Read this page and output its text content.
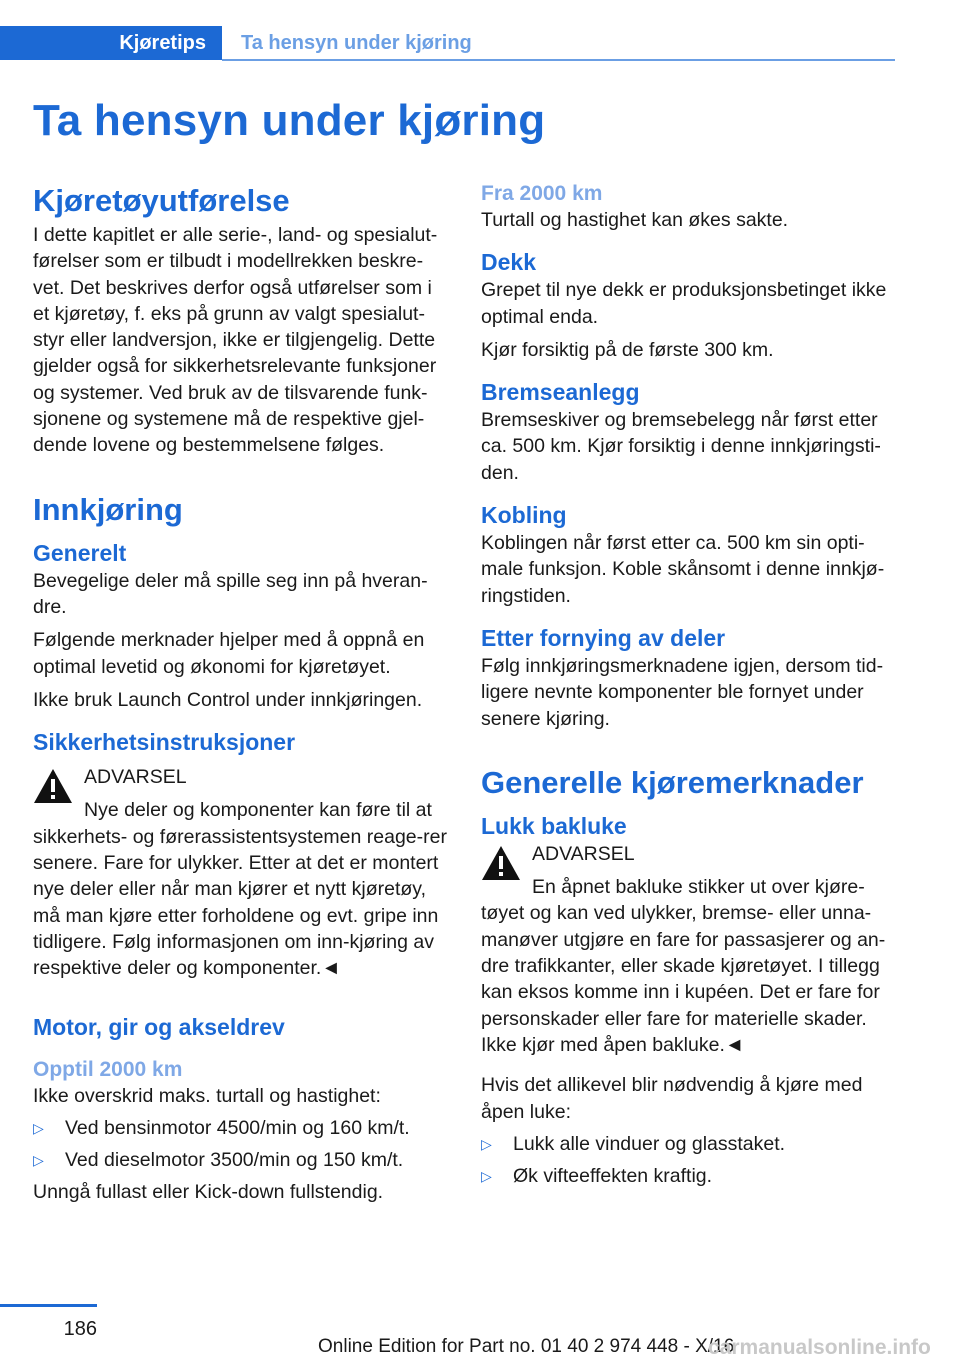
Kjøretips	Ta hensyn under kjøring
Ta hensyn under kjøring
Kjøretøyutførelse

I dette kapitlet er alle serie-, land- og spesialut-førelser som er tilbudt i modellrekken beskre-vet. Det beskrives derfor også utførelser som i et kjøretøy, f. eks på grunn av valgt spesialut-styr eller landversjon, ikke er tilgjengelig. Dette gjelder også for sikkerhetsrelevante funksjoner og systemer. Ved bruk av de tilsvarende funk-sjonene og systemene må de respektive gjel-dende lovene og bestemmelsene følges.

Innkjøring
Generelt

Bevegelige deler må spille seg inn på hveran-dre.

Følgende merknader hjelper med å oppnå en optimal levetid og økonomi for kjøretøyet.

Ikke bruk Launch Control under innkjøringen.

Sikkerhetsinstruksjoner

ADVARSEL

Nye deler og komponenter kan føre til at

sikkerhets- og førerassistentsystemen reage-rer senere. Fare for ulykker. Etter at det er montert nye deler eller når man kjører et nytt kjøretøy, må man kjøre etter forholdene og evt. gripe inn tidligere. Følg informasjonen om inn-kjøring av respektive deler og komponenter.◄

Motor, gir og akseldrev
Opptil 2000 km

Ikke overskrid maks. turtall og hastighet:

▷ Ved bensinmotor 4500/min og 160 km/t.
▷ Ved dieselmotor 3500/min og 150 km/t.

Unngå fullast eller Kick-down fullstendig.

Fra 2000 km

Turtall og hastighet kan økes sakte.

Dekk

Grepet til nye dekk er produksjonsbetinget ikke optimal enda.

Kjør forsiktig på de første 300 km.

Bremseanlegg

Bremseskiver og bremsebelegg når først etter ca. 500 km. Kjør forsiktig i denne innkjøringsti-den.

Kobling

Koblingen når først etter ca. 500 km sin opti-male funksjon. Koble skånsomt i denne innkjø-ringstiden.

Etter fornying av deler

Følg innkjøringsmerknadene igjen, dersom tid-ligere nevnte komponenter ble fornyet under senere kjøring.

Generelle kjøremerknader
Lukk bakluke

ADVARSEL

En åpnet bakluke stikker ut over kjøre-

tøyet og kan ved ulykker, bremse- eller unna-manøver utgjøre en fare for passasjerer og an-dre trafikkanter, eller skade kjøretøyet. I tillegg kan eksos komme inn i kupéen. Det er fare for personskader eller fare for materielle skader. Ikke kjør med åpen bakluke.◄

Hvis det allikevel blir nødvendig å kjøre med åpen luke:

▷ Lukk alle vinduer og glasstaket.
▷ Øk vifteeffekten kraftig.
186
Online Edition for Part no. 01 40 2 974 448 - X/16
carmanualsonline.info
